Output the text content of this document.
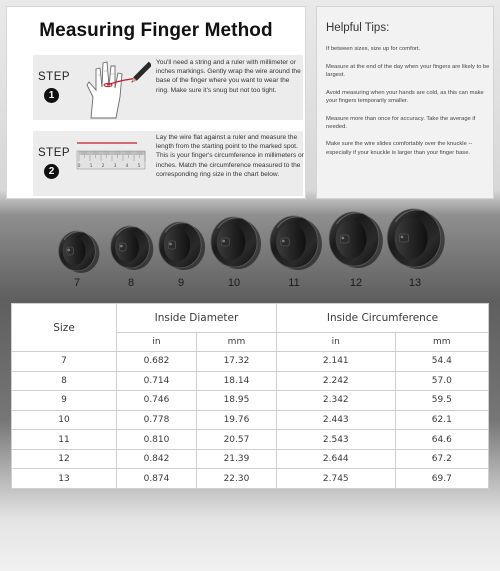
Measuring Finger Method
STEP
1
You'll need a string and a ruler with millimeter or inches markings. Gently wrap the wire around the base of the finger where you want to wear the ring. Make sure it's snug but not too tight.
STEP
2	0 1 2 3 4 5
Lay the wire flat against a ruler and measure the length from the starting point to the marked spot. This is your finger's circumference in millimeters or inches. Match the circumference measured to the corresponding ring size in the chart below.
Helpful Tips:
If between sizes, size up for comfort.
Measure at the end of the day when your fingers are likely to be largest.
Avoid measuring when your hands are cold, as this can make your fingers temporarily smaller.
Measure more than once for accuracy. Take the average if needed.
Make sure the wire slides comfortably over the knuckle --especially if your knuckle is larger than your finger base.
7	8	9	10	11	12	13
Size	Inside Diameter		Inside Circumference	
	in	mm	in	mm
7	0.682	17.32	2.141	54.4
8	0.714	18.14	2.242	57.0
9	0.746	18.95	2.342	59.5
10	0.778	19.76	2.443	62.1
11	0.810	20.57	2.543	64.6
12	0.842	21.39	2.644	67.2
13	0.874	22.30	2.745	69.7
